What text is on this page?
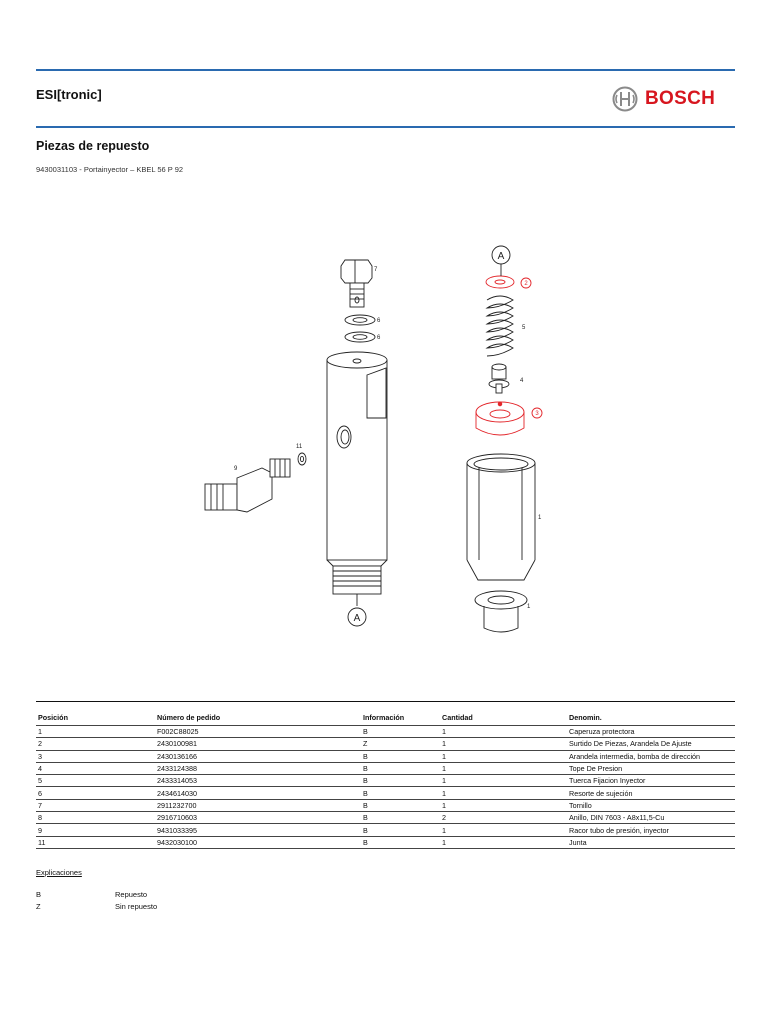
ESI[tronic]	BOSCH
Piezas de repuesto
9430031103 - Portainyector – KBEL 56 P 92
A
A
2
3
7
6
6
11
9
5
4
1
1
Posición	Número de pedido	Información	Cantidad	Denomin.
1	F002C88025	B	1	Caperuza protectora
2	2430100981	Z	1	Surtido De Piezas, Arandela De Ajuste
3	2430136166	B	1	Arandela intermedia, bomba de dirección
4	2433124388	B	1	Tope De Presion
5	2433314053	B	1	Tuerca Fijacion Inyector
6	2434614030	B	1	Resorte de sujeción
7	2911232700	B	1	Tornillo
8	2916710603	B	2	Anillo, DIN 7603 - A8x11,5-Cu
9	9431033395	B	1	Racor tubo de presión, inyector
11	9432030100	B	1	Junta
Explicaciones
B	Repuesto
Z	Sin repuesto
